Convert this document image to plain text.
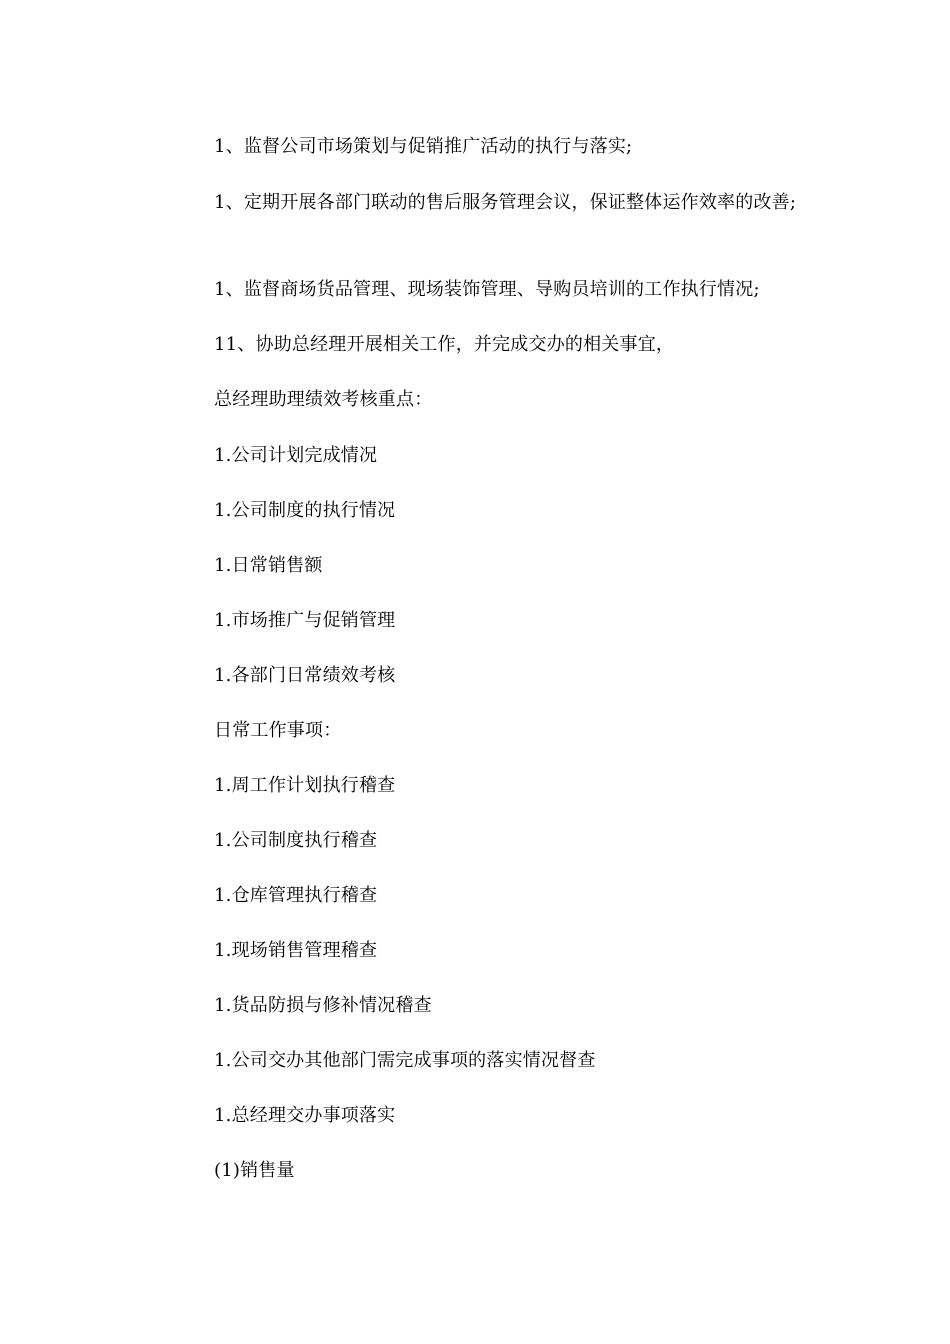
1、监督公司市场策划与促销推广活动的执行与落实;

1、定期开展各部门联动的售后服务管理会议，保证整体运作效率的改善;

1、监督商场货品管理、现场装饰管理、导购员培训的工作执行情况;

11、协助总经理开展相关工作，并完成交办的相关事宜，

总经理助理绩效考核重点：

1.公司计划完成情况

1.公司制度的执行情况

1.日常销售额

1.市场推广与促销管理

1.各部门日常绩效考核

日常工作事项：

1.周工作计划执行稽查

1.公司制度执行稽查

1.仓库管理执行稽查

1.现场销售管理稽查

1.货品防损与修补情况稽查

1.公司交办其他部门需完成事项的落实情况督查

1.总经理交办事项落实

(1)销售量
